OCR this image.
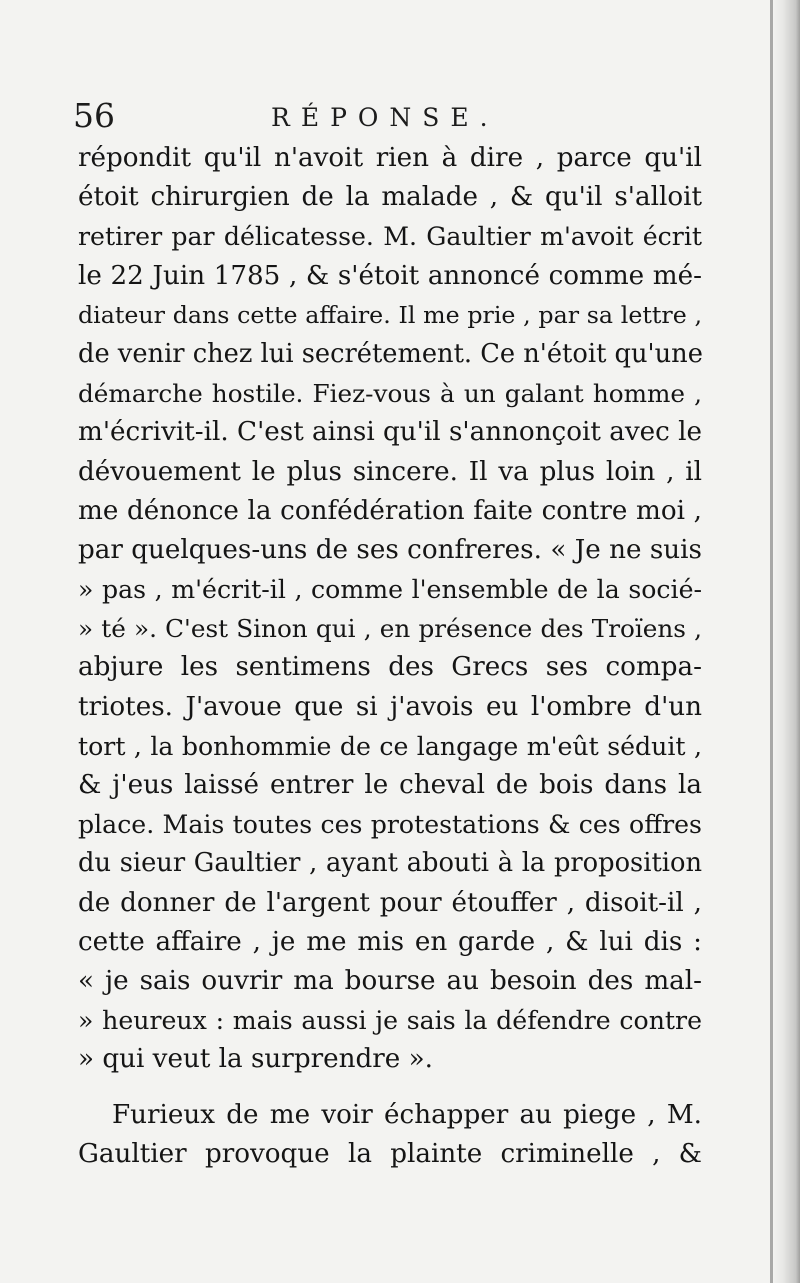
56	RÉPONSE.
répondit qu'il n'avoit rien à dire , parce qu'il
étoit chirurgien de la malade , & qu'il s'alloit
retirer par délicatesse. M. Gaultier m'avoit écrit
le 22 Juin 1785 , & s'étoit annoncé comme mé-
diateur dans cette affaire. Il me prie , par sa lettre ,
de venir chez lui secrétement. Ce n'étoit qu'une
démarche hostile. Fiez-vous à un galant homme ,
m'écrivit-il. C'est ainsi qu'il s'annonçoit avec le
dévouement le plus sincere. Il va plus loin , il
me dénonce la confédération faite contre moi ,
par quelques-uns de ses confreres. « Je ne suis
» pas , m'écrit-il , comme l'ensemble de la socié-
» té ». C'est Sinon qui , en présence des Troïens ,
abjure les sentimens des Grecs ses compa-
triotes. J'avoue que si j'avois eu l'ombre d'un
tort , la bonhommie de ce langage m'eût séduit ,
& j'eus laissé entrer le cheval de bois dans la
place. Mais toutes ces protestations & ces offres
du sieur Gaultier , ayant abouti à la proposition
de donner de l'argent pour étouffer , disoit-il ,
cette affaire , je me mis en garde , & lui dis :
« je sais ouvrir ma bourse au besoin des mal-
» heureux : mais aussi je sais la défendre contre
» qui veut la surprendre ».
Furieux de me voir échapper au piege , M.
Gaultier provoque la plainte criminelle , &
